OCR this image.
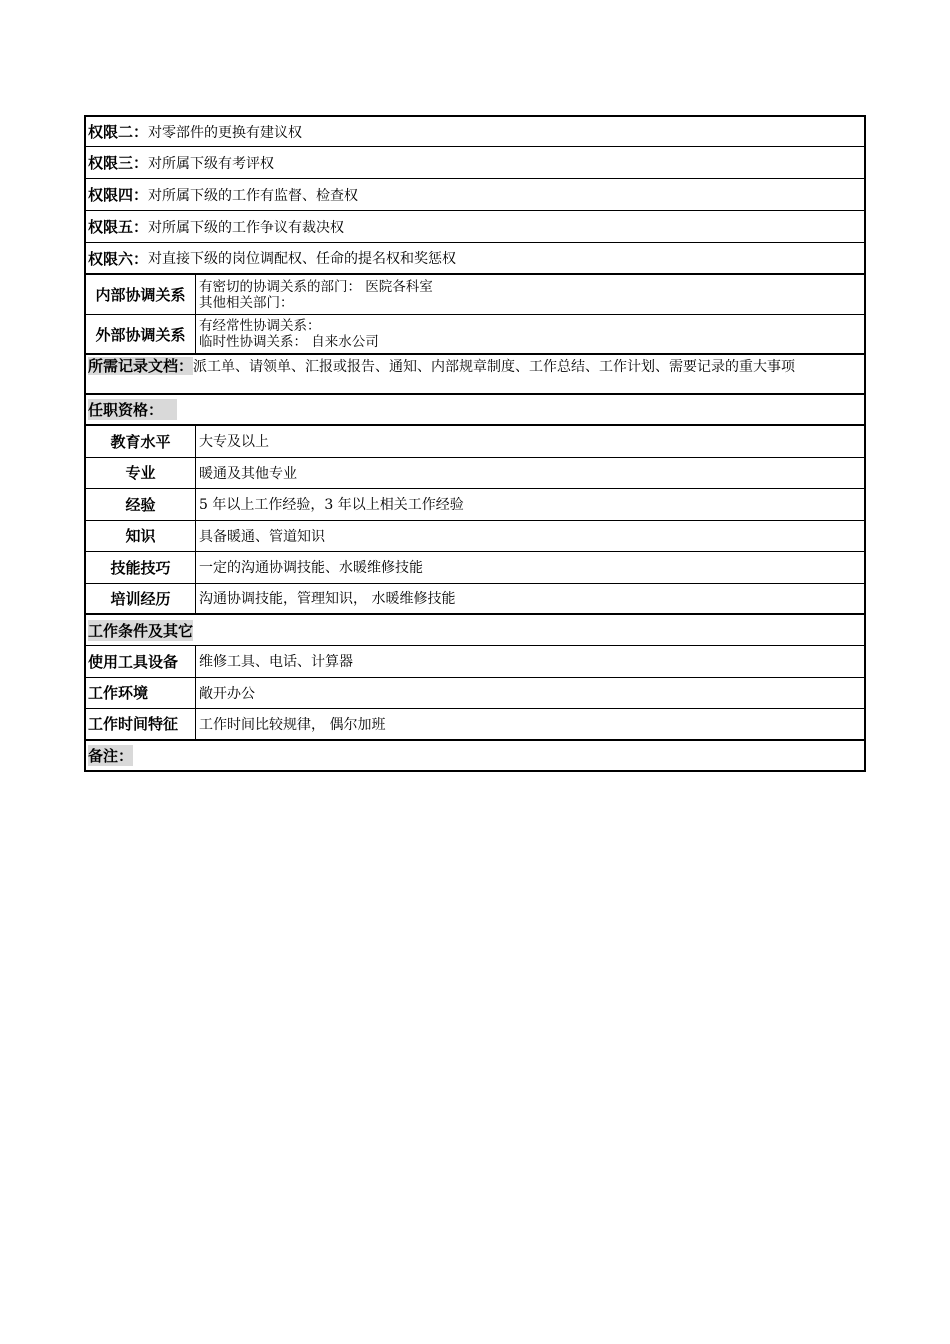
权限二： 对零部件的更换有建议权
权限三： 对所属下级有考评权
权限四： 对所属下级的工作有监督、检查权
权限五： 对所属下级的工作争议有裁决权
权限六： 对直接下级的岗位调配权、任命的提名权和奖惩权
内部协调关系	有密切的协调关系的部门： 医院各科室
其他相关部门：
外部协调关系	有经常性协调关系：
临时性协调关系： 自来水公司
所需记录文档：派工单、请领单、汇报或报告、通知、内部规章制度、工作总结、工作计划、需要记录的重大事项
任职资格：
教育水平	大专及以上
专业	暖通及其他专业
经验	5 年以上工作经验，3 年以上相关工作经验
知识	具备暖通、管道知识
技能技巧	一定的沟通协调技能、水暖维修技能
培训经历	沟通协调技能，管理知识， 水暖维修技能
工作条件及其它
使用工具设备	维修工具、电话、计算器
工作环境	敞开办公
工作时间特征	工作时间比较规律， 偶尔加班
备注：
